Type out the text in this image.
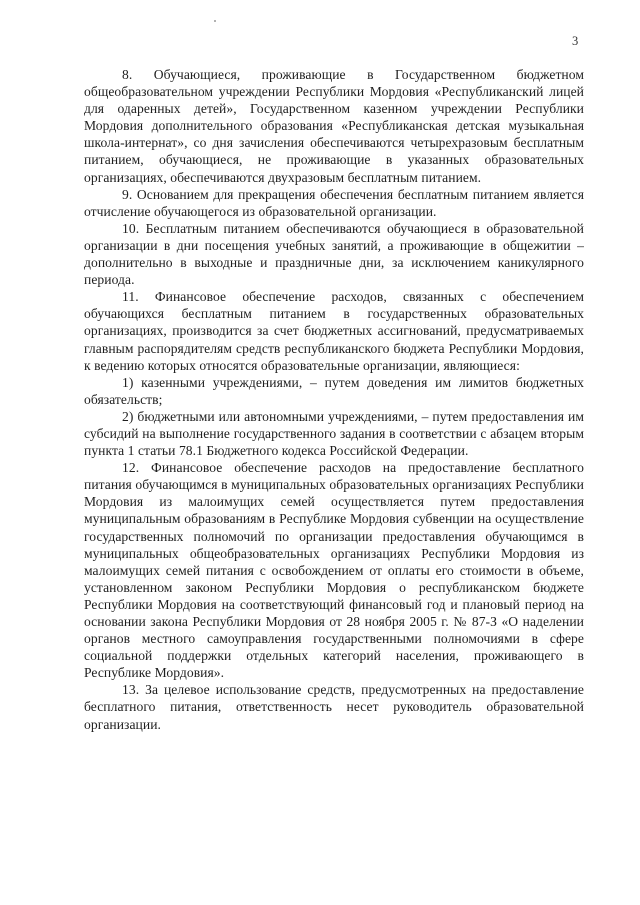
3

8. Обучающиеся, проживающие в Государственном бюджетном общеобразовательном учреждении Республики Мордовия «Республиканский лицей для одаренных детей», Государственном казенном учреждении Республики Мордовия дополнительного образования «Республиканская детская музыкальная школа-интернат», со дня зачисления обеспечиваются четырехразовым бесплатным питанием, обучающиеся, не проживающие в указанных образовательных организациях, обеспечиваются двухразовым бесплатным питанием.

9. Основанием для прекращения обеспечения бесплатным питанием является отчисление обучающегося из образовательной организации.

10. Бесплатным питанием обеспечиваются обучающиеся в образовательной организации в дни посещения учебных занятий, а проживающие в общежитии – дополнительно в выходные и праздничные дни, за исключением каникулярного периода.

11. Финансовое обеспечение расходов, связанных с обеспечением обучающихся бесплатным питанием в государственных образовательных организациях, производится за счет бюджетных ассигнований, предусматриваемых главным распорядителям средств республиканского бюджета Республики Мордовия, к ведению которых относятся образовательные организации, являющиеся:

1) казенными учреждениями, – путем доведения им лимитов бюджетных обязательств;

2) бюджетными или автономными учреждениями, – путем предоставления им субсидий на выполнение государственного задания в соответствии с абзацем вторым пункта 1 статьи 78.1 Бюджетного кодекса Российской Федерации.

12. Финансовое обеспечение расходов на предоставление бесплатного питания обучающимся в муниципальных образовательных организациях Республики Мордовия из малоимущих семей осуществляется путем предоставления муниципальным образованиям в Республике Мордовия субвенции на осуществление государственных полномочий по организации предоставления обучающимся в муниципальных общеобразовательных организациях Республики Мордовия из малоимущих семей питания с освобождением от оплаты его стоимости в объеме, установленном законом Республики Мордовия о республиканском бюджете Республики Мордовия на соответствующий финансовый год и плановый период на основании закона Республики Мордовия от 28 ноября 2005 г. № 87-З «О наделении органов местного самоуправления государственными полномочиями в сфере социальной поддержки отдельных категорий населения, проживающего в Республике Мордовия».

13. За целевое использование средств, предусмотренных на предоставление бесплатного питания, ответственность несет руководитель образовательной организации.
